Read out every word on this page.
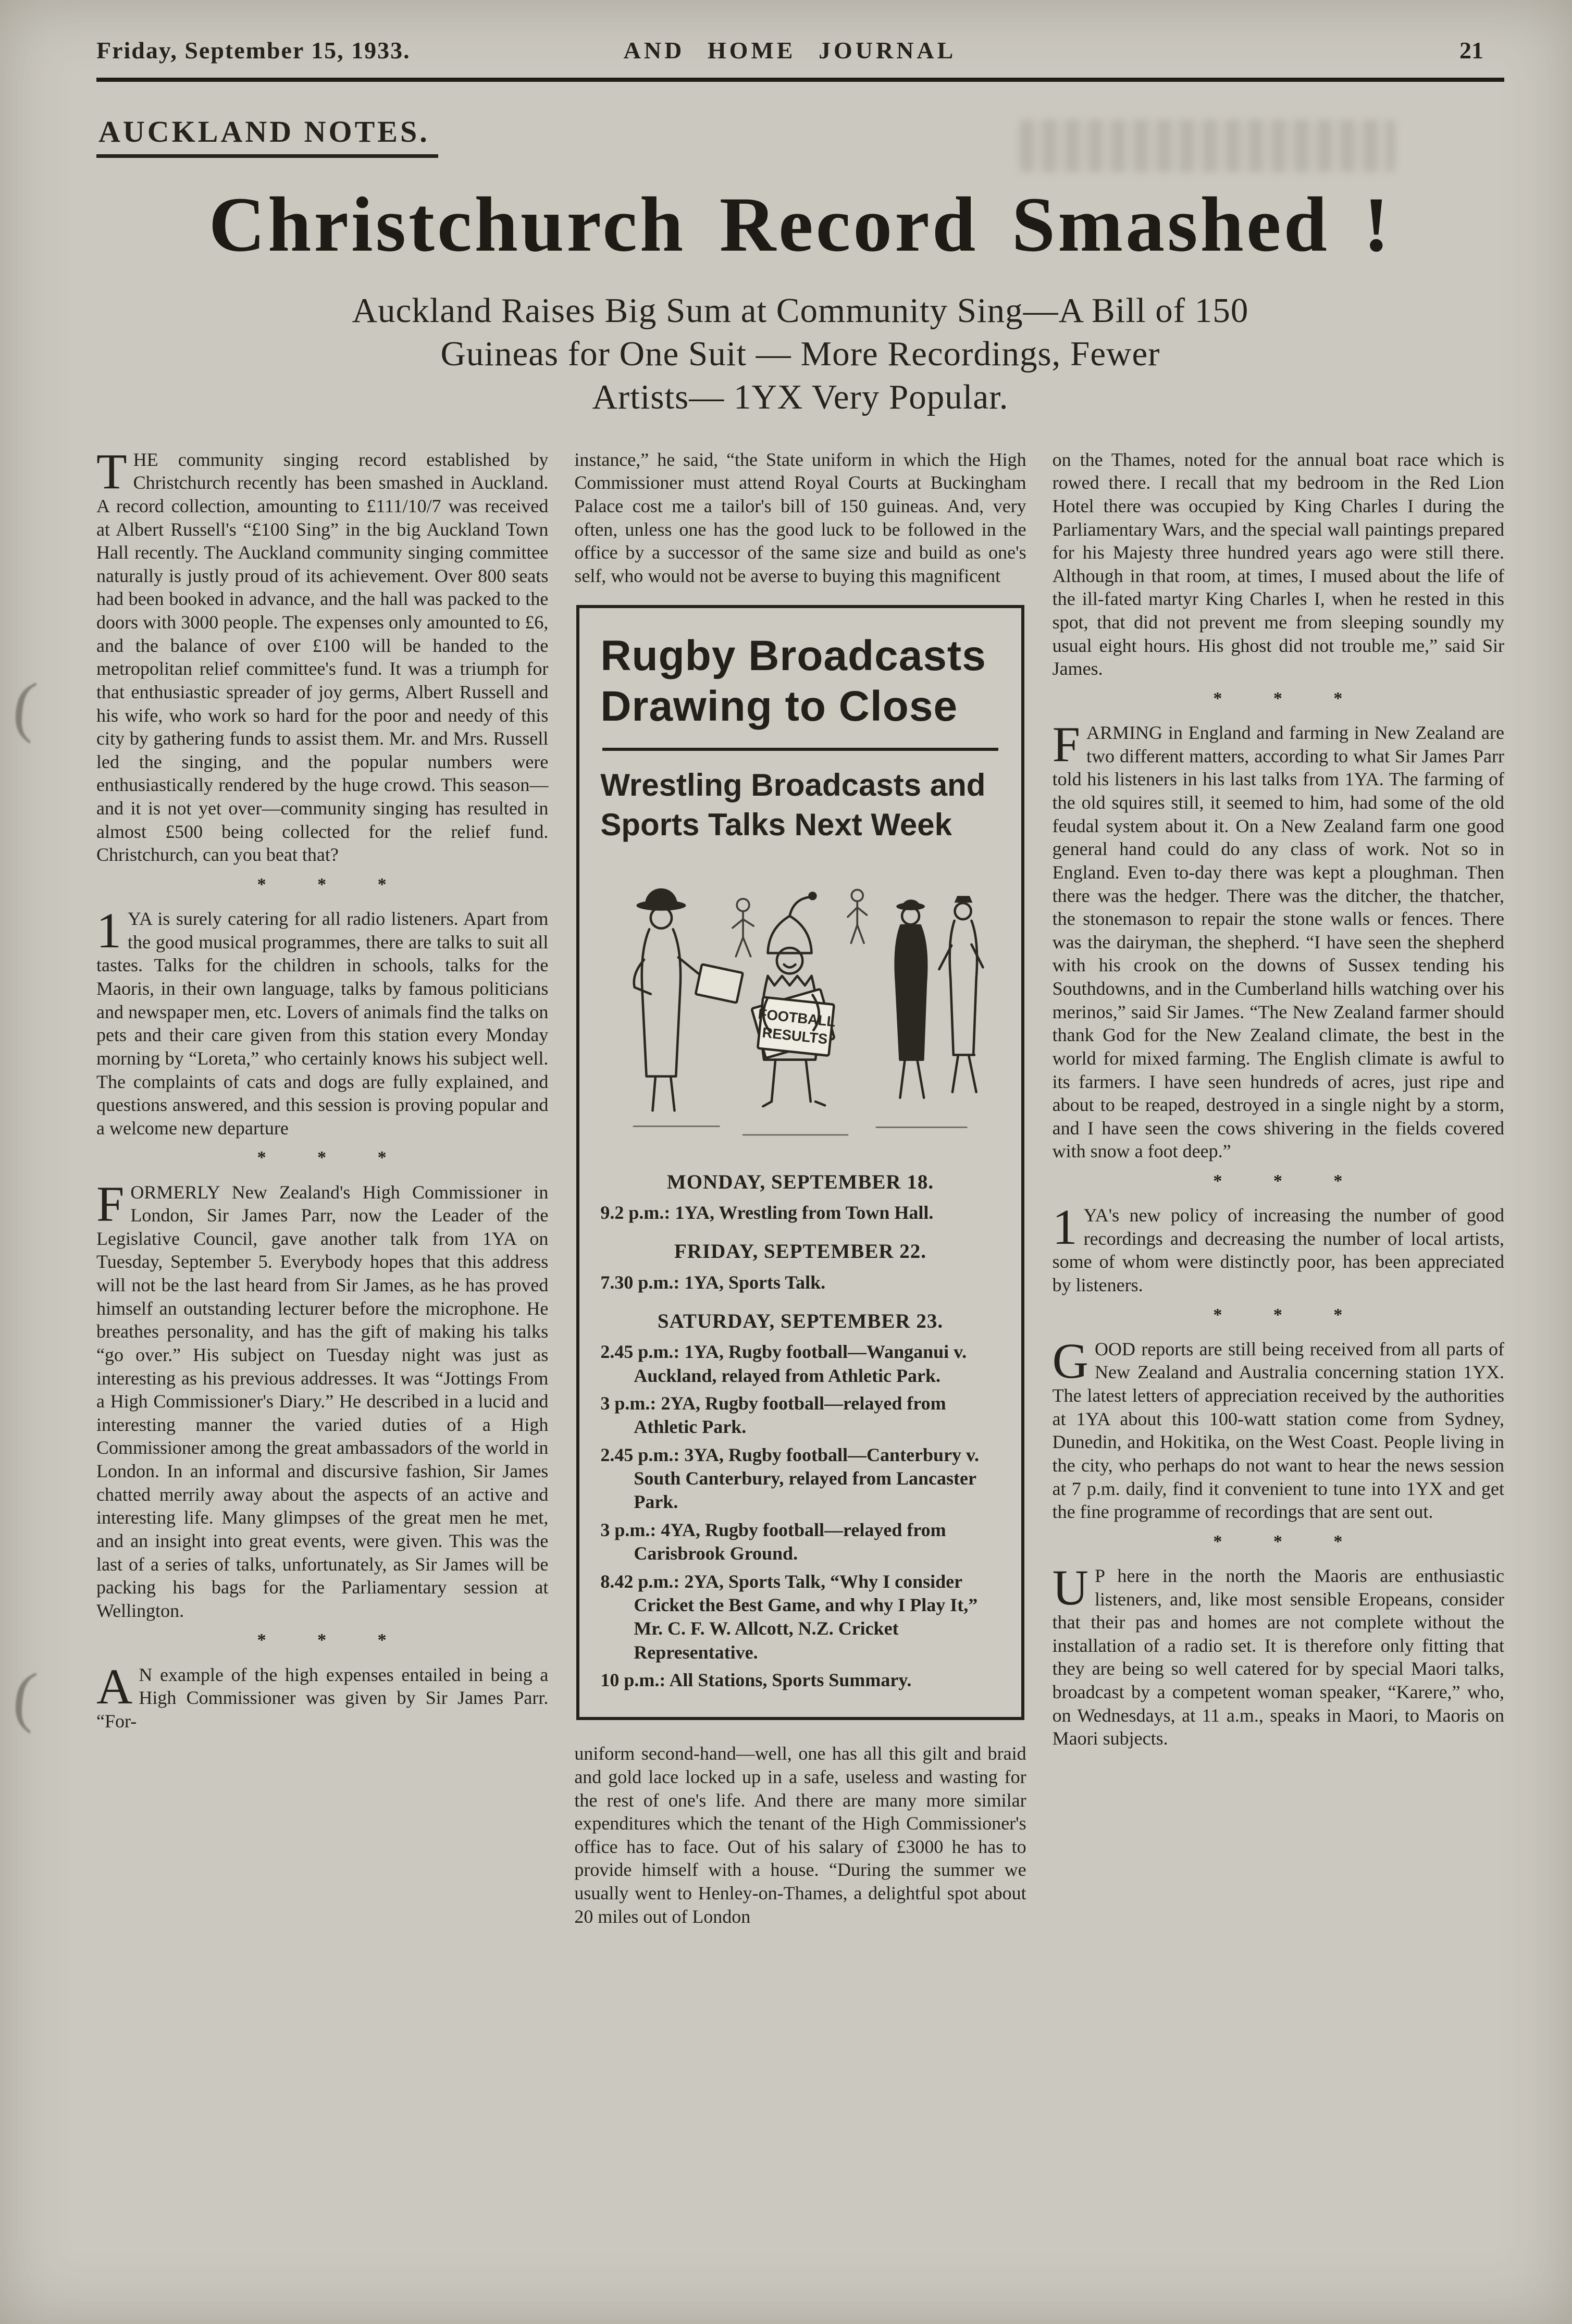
(
(
Friday, September 15, 1933.	AND HOME JOURNAL	21
AUCKLAND NOTES.
Christchurch Record Smashed !
Auckland Raises Big Sum at Community Sing—A Bill of 150
Guineas for One Suit — More Recordings, Fewer
Artists— 1YX Very Popular.

THE community singing record established by Christchurch recently has been smashed in Auckland. A record collection, amounting to £111/10/7 was received at Albert Russell's “£100 Sing” in the big Auckland Town Hall recently. The Auckland community singing committee naturally is justly proud of its achievement. Over 800 seats had been booked in advance, and the hall was packed to the doors with 3000 people. The expenses only amounted to £6, and the balance of over £100 will be handed to the metropolitan relief committee's fund. It was a triumph for that enthusiastic spreader of joy germs, Albert Russell and his wife, who work so hard for the poor and needy of this city by gathering funds to assist them. Mr. and Mrs. Russell led the singing, and the popular numbers were enthusiastically rendered by the huge crowd. This season—and it is not yet over—community singing has resulted in almost £500 being collected for the relief fund. Christchurch, can you beat that?

* * *

1 YA is surely catering for all radio listeners. Apart from the good musical programmes, there are talks to suit all tastes. Talks for the children in schools, talks for the Maoris, in their own language, talks by famous politicians and newspaper men, etc. Lovers of animals find the talks on pets and their care given from this station every Monday morning by “Loreta,” who certainly knows his subject well. The complaints of cats and dogs are fully explained, and questions answered, and this session is proving popular and a welcome new departure

* * *

FORMERLY New Zealand's High Commissioner in London, Sir James Parr, now the Leader of the Legislative Council, gave another talk from 1YA on Tuesday, September 5. Everybody hopes that this address will not be the last heard from Sir James, as he has proved himself an outstanding lecturer before the microphone. He breathes personality, and has the gift of making his talks “go over.” His subject on Tuesday night was just as interesting as his previous addresses. It was “Jottings From a High Commissioner's Diary.” He described in a lucid and interesting manner the varied duties of a High Commissioner among the great ambassadors of the world in London. In an informal and discursive fashion, Sir James chatted merrily away about the aspects of an active and interesting life. Many glimpses of the great men he met, and an insight into great events, were given. This was the last of a series of talks, unfortunately, as Sir James will be packing his bags for the Parliamentary session at Wellington.

* * *

A N example of the high expenses entailed in being a High Commissioner was given by Sir James Parr. “For-

instance,” he said, “the State uniform in which the High Commissioner must attend Royal Courts at Buckingham Palace cost me a tailor's bill of 150 guineas. And, very often, unless one has the good luck to be followed in the office by a successor of the same size and build as one's self, who would not be averse to buying this magnificent

Rugby Broadcasts
Drawing to Close
Wrestling Broadcasts and
Sports Talks Next Week
FOOTBALL
RESULTS
MONDAY, SEPTEMBER 18.

9.2 p.m.: 1YA, Wrestling from Town Hall.

FRIDAY, SEPTEMBER 22.

7.30 p.m.: 1YA, Sports Talk.

SATURDAY, SEPTEMBER 23.

2.45 p.m.: 1YA, Rugby football—Wanganui v. Auckland, relayed from Athletic Park.

3 p.m.: 2YA, Rugby football—relayed from Athletic Park.

2.45 p.m.: 3YA, Rugby football—Canterbury v. South Canterbury, relayed from Lancaster Park.

3 p.m.: 4YA, Rugby football—relayed from Carisbrook Ground.

8.42 p.m.: 2YA, Sports Talk, “Why I consider Cricket the Best Game, and why I Play It,” Mr. C. F. W. Allcott, N.Z. Cricket Representative.

10 p.m.: All Stations, Sports Summary.

uniform second-hand—well, one has all this gilt and braid and gold lace locked up in a safe, useless and wasting for the rest of one's life. And there are many more similar expenditures which the tenant of the High Commissioner's office has to face. Out of his salary of £3000 he has to provide himself with a house. “During the summer we usually went to Henley-on-Thames, a delightful spot about 20 miles out of London

on the Thames, noted for the annual boat race which is rowed there. I recall that my bedroom in the Red Lion Hotel there was occupied by King Charles I during the Parliamentary Wars, and the special wall paintings prepared for his Majesty three hundred years ago were still there. Although in that room, at times, I mused about the life of the ill-fated martyr King Charles I, when he rested in this spot, that did not prevent me from sleeping soundly my usual eight hours. His ghost did not trouble me,” said Sir James.

* * *

FARMING in England and farming in New Zealand are two different matters, according to what Sir James Parr told his listeners in his last talks from 1YA. The farming of the old squires still, it seemed to him, had some of the old feudal system about it. On a New Zealand farm one good general hand could do any class of work. Not so in England. Even to-day there was kept a ploughman. Then there was the hedger. There was the ditcher, the thatcher, the stonemason to repair the stone walls or fences. There was the dairyman, the shepherd. “I have seen the shepherd with his crook on the downs of Sussex tending his Southdowns, and in the Cumberland hills watching over his merinos,” said Sir James. “The New Zealand farmer should thank God for the New Zealand climate, the best in the world for mixed farming. The English climate is awful to its farmers. I have seen hundreds of acres, just ripe and about to be reaped, destroyed in a single night by a storm, and I have seen the cows shivering in the fields covered with snow a foot deep.”

* * *

1 YA's new policy of increasing the number of good recordings and decreasing the number of local artists, some of whom were distinctly poor, has been appreciated by listeners.

* * *

GOOD reports are still being received from all parts of New Zealand and Australia concerning station 1YX. The latest letters of appreciation received by the authorities at 1YA about this 100-watt station come from Sydney, Dunedin, and Hokitika, on the West Coast. People living in the city, who perhaps do not want to hear the news session at 7 p.m. daily, find it convenient to tune into 1YX and get the fine programme of recordings that are sent out.

* * *

U P here in the north the Maoris are enthusiastic listeners, and, like most sensible Eropeans, consider that their pas and homes are not complete without the installation of a radio set. It is therefore only fitting that they are being so well catered for by special Maori talks, broadcast by a competent woman speaker, “Karere,” who, on Wednesdays, at 11 a.m., speaks in Maori, to Maoris on Maori subjects.
